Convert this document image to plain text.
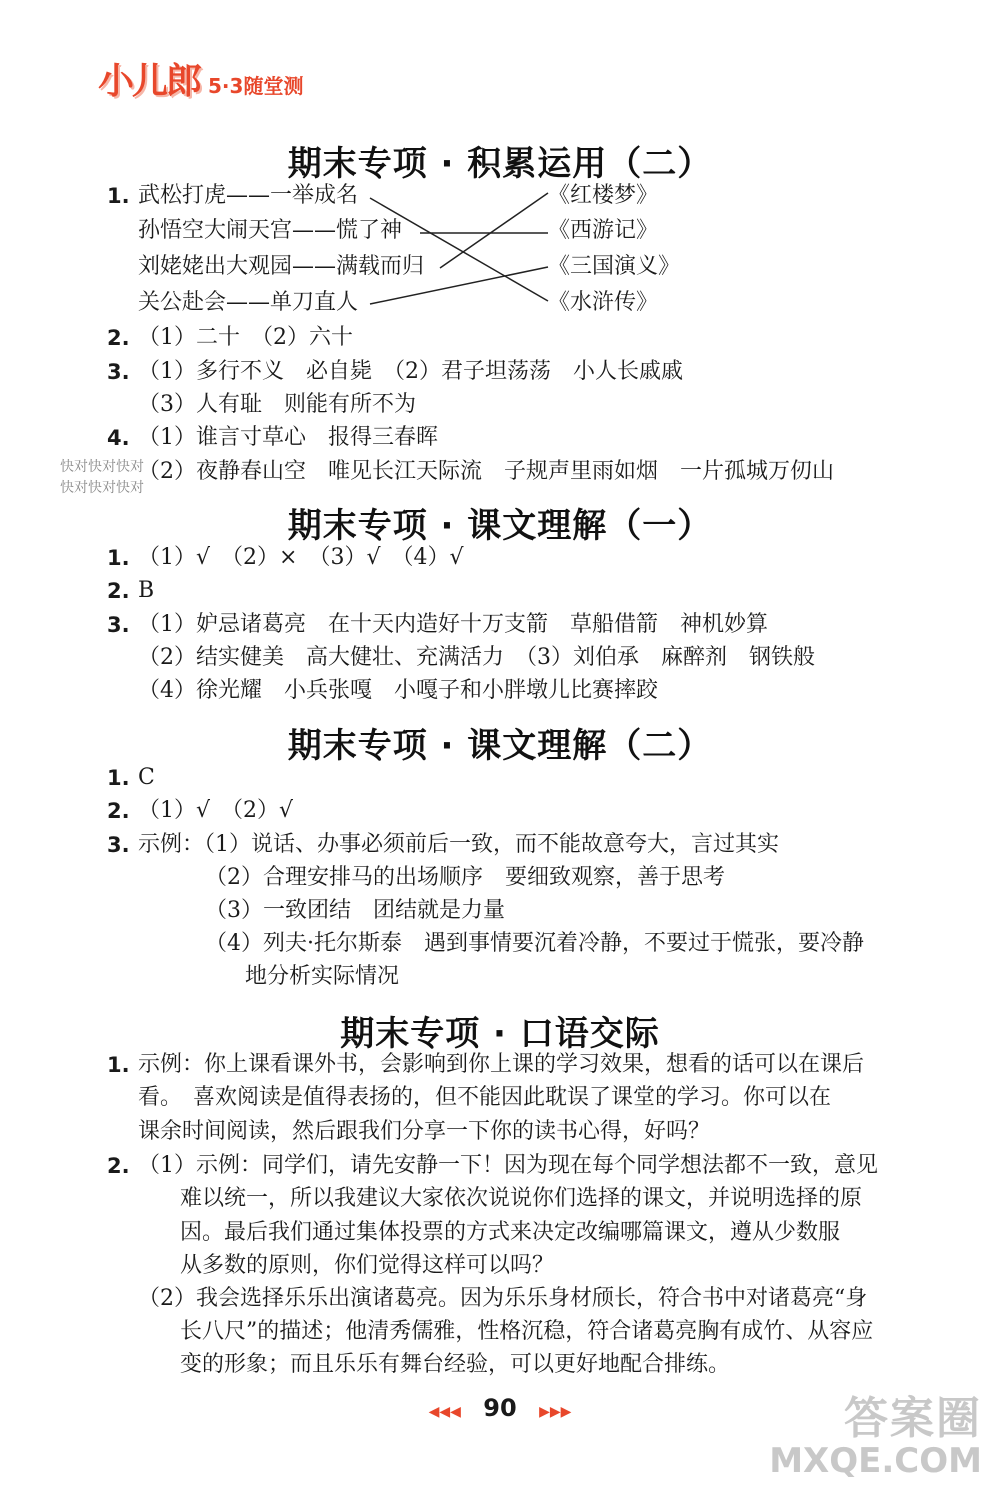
小儿郎 5·3随堂测
期末专项 · 积累运用（二）
1. 武松打虎——一举成名
孙悟空大闹天宫——慌了神
刘姥姥出大观园——满载而归
关公赴会——单刀直人
《红楼梦》
《西游记》
《三国演义》
《水浒传》
2. （1）二十　（2）六十
3. （1）多行不义　必自毙　（2）君子坦荡荡　小人长戚戚
（3）人有耻　则能有所不为
4. （1）谁言寸草心　报得三春晖
（2）夜静春山空　唯见长江天际流　子规声里雨如烟　一片孤城万仞山
快对快对快对
快对快对快对
期末专项 · 课文理解（一）
1. （1）√　（2）×　（3）√　（4）√
2. B
3. （1）妒忌诸葛亮　在十天内造好十万支箭　草船借箭　神机妙算
（2）结实健美　高大健壮、充满活力　（3）刘伯承　麻醉剂　钢铁般
（4）徐光耀　小兵张嘎　小嘎子和小胖墩儿比赛摔跤
期末专项 · 课文理解（二）
1. C
2. （1）√　（2）√
3. 示例：（1）说话、办事必须前后一致，而不能故意夸大，言过其实
（2）合理安排马的出场顺序　要细致观察，善于思考
（3）一致团结　团结就是力量
（4）列夫·托尔斯泰　遇到事情要沉着冷静，不要过于慌张，要冷静
地分析实际情况
期末专项 · 口语交际
1. 示例：你上课看课外书，会影响到你上课的学习效果，想看的话可以在课后
看。　喜欢阅读是值得表扬的，但不能因此耽误了课堂的学习。你可以在
课余时间阅读，然后跟我们分享一下你的读书心得，好吗？
2. （1）示例：同学们，请先安静一下！因为现在每个同学想法都不一致，意见
难以统一，所以我建议大家依次说说你们选择的课文，并说明选择的原
因。最后我们通过集体投票的方式来决定改编哪篇课文，遵从少数服
从多数的原则，你们觉得这样可以吗？
（2）我会选择乐乐出演诸葛亮。因为乐乐身材颀长，符合书中对诸葛亮“身
长八尺”的描述；他清秀儒雅，性格沉稳，符合诸葛亮胸有成竹、从容应
变的形象；而且乐乐有舞台经验，可以更好地配合排练。
◀◀◀ 90 ▶▶▶	答案圈
MXQE.COM
